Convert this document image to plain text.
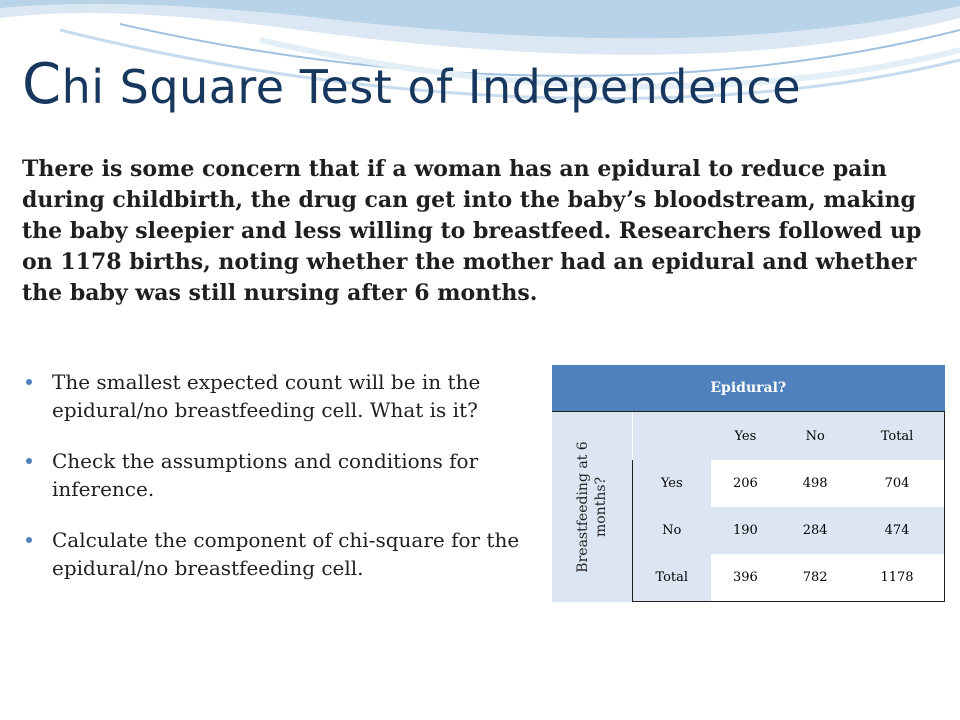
Chi Square Test of Independence

There is some concern that if a woman has an epidural to reduce pain during childbirth, the drug can get into the baby’s bloodstream, making the baby sleepier and less willing to breastfeed. Researchers followed up on 1178 births, noting whether the mother had an epidural and whether the baby was still nursing after 6 months.

The smallest expected count will be in the epidural/no breastfeeding cell. What is it?
Check the assumptions and conditions for inference.
Calculate the component of chi-square for the epidural/no breastfeeding cell.
Epidural?				

Breastfeeding at 6 months?		Yes	No	Total
	Yes	206	498	704
	No	190	284	474
	Total	396	782	1178
